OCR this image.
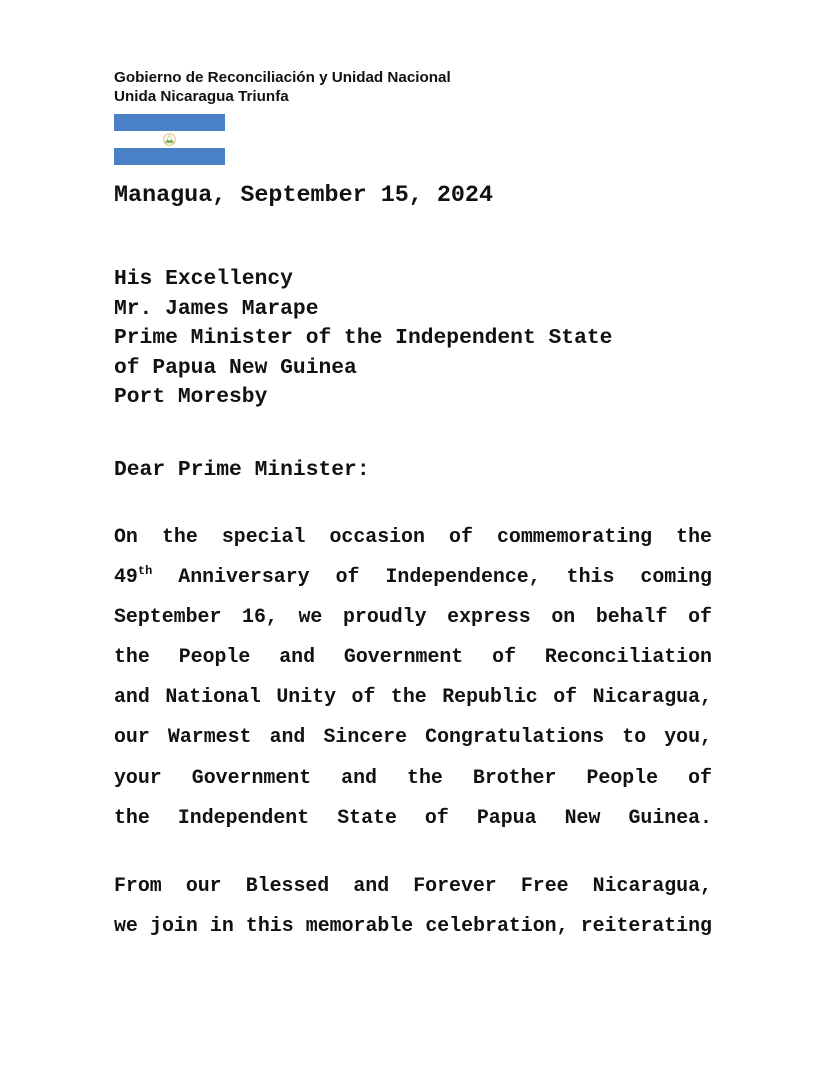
Gobierno de Reconciliación y Unidad Nacional
Unida Nicaragua Triunfa
Managua, September 15, 2024
His Excellency
Mr. James Marape
Prime Minister of the Independent State
of Papua New Guinea
Port Moresby
Dear Prime Minister:
On the special occasion of commemorating the
49th Anniversary of Independence, this coming
September 16, we proudly express on behalf of
the People and Government of Reconciliation
and National Unity of the Republic of Nicaragua,
our Warmest and Sincere Congratulations to you,
your Government and the Brother People of
the Independent State of Papua New Guinea.
From our Blessed and Forever Free Nicaragua,
we join in this memorable celebration, reiterating
